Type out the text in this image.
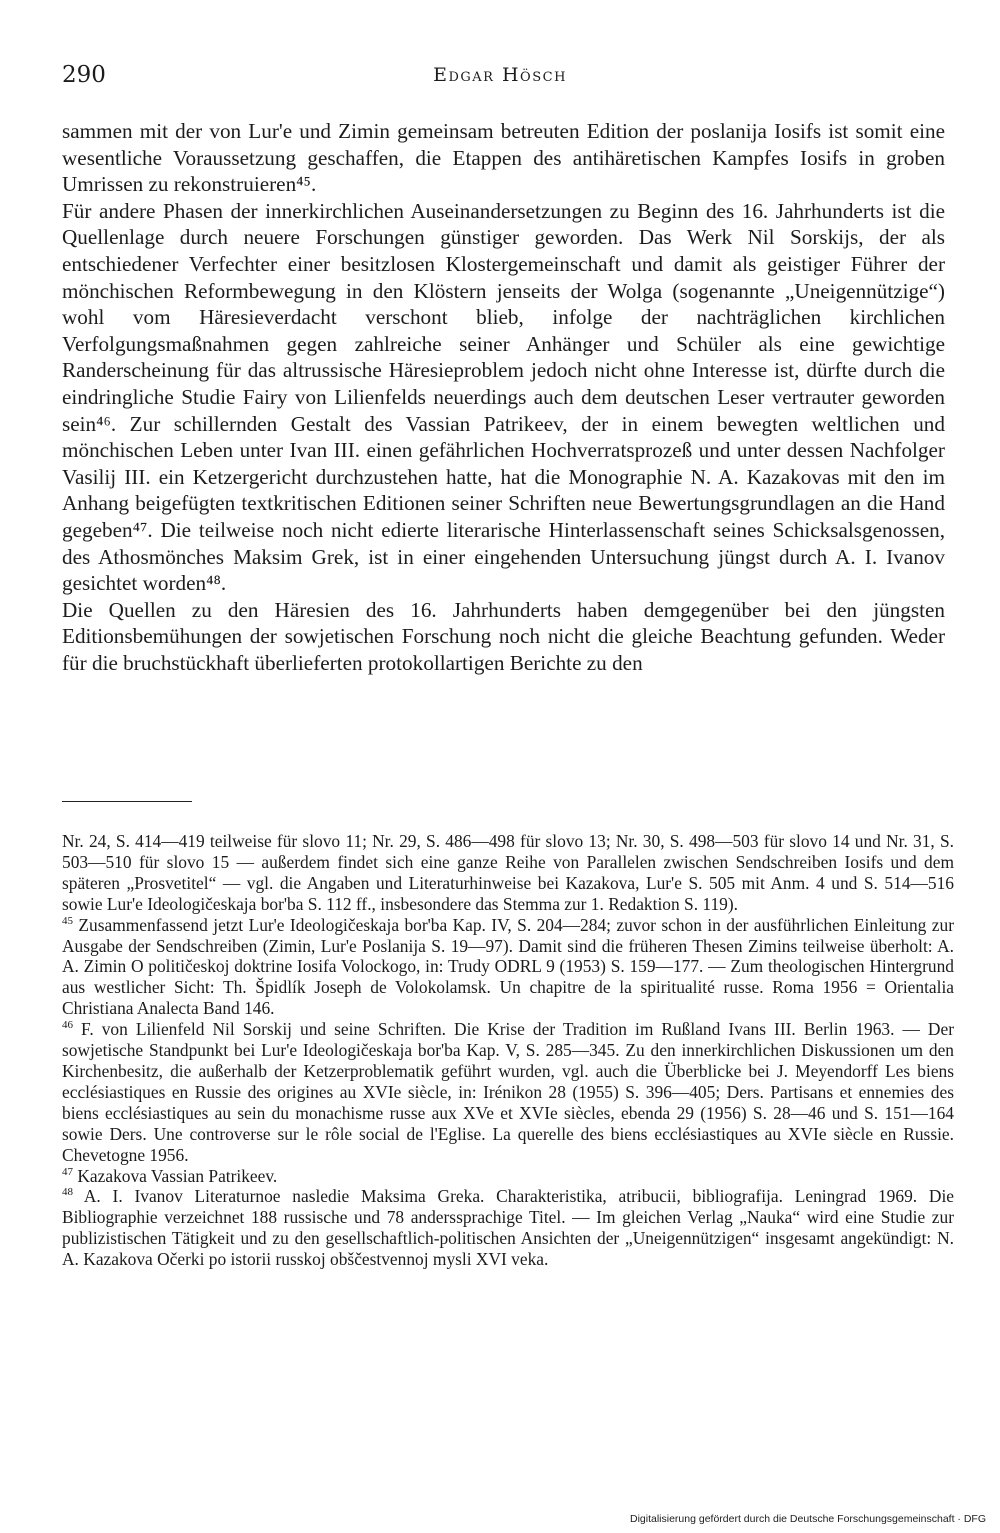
290	Edgar Hösch

sammen mit der von Lur'e und Zimin gemeinsam betreuten Edition der poslanija Iosifs ist somit eine wesentliche Voraussetzung geschaffen, die Etappen des antihäretischen Kampfes Iosifs in groben Umrissen zu rekonstruieren⁴⁵.

Für andere Phasen der innerkirchlichen Auseinandersetzungen zu Beginn des 16. Jahrhunderts ist die Quellenlage durch neuere Forschungen günstiger geworden. Das Werk Nil Sorskijs, der als entschiedener Verfechter einer besitzlosen Klostergemeinschaft und damit als geistiger Führer der mönchischen Reformbewegung in den Klöstern jenseits der Wolga (sogenannte „Uneigennützige“) wohl vom Häresieverdacht verschont blieb, infolge der nachträglichen kirchlichen Verfolgungsmaßnahmen gegen zahlreiche seiner Anhänger und Schüler als eine gewichtige Randerscheinung für das altrussische Häresieproblem jedoch nicht ohne Interesse ist, dürfte durch die eindringliche Studie Fairy von Lilienfelds neuerdings auch dem deutschen Leser vertrauter geworden sein⁴⁶. Zur schillernden Gestalt des Vassian Patrikeev, der in einem bewegten weltlichen und mönchischen Leben unter Ivan III. einen gefährlichen Hochverratsprozeß und unter dessen Nachfolger Vasilij III. ein Ketzergericht durchzustehen hatte, hat die Monographie N. A. Kazakovas mit den im Anhang beigefügten textkritischen Editionen seiner Schriften neue Bewertungsgrundlagen an die Hand gegeben⁴⁷. Die teilweise noch nicht edierte literarische Hinterlassenschaft seines Schicksalsgenossen, des Athosmönches Maksim Grek, ist in einer eingehenden Untersuchung jüngst durch A. I. Ivanov gesichtet worden⁴⁸.

Die Quellen zu den Häresien des 16. Jahrhunderts haben demgegenüber bei den jüngsten Editionsbemühungen der sowjetischen Forschung noch nicht die gleiche Beachtung gefunden. Weder für die bruchstückhaft überlieferten protokollartigen Berichte zu den

Nr. 24, S. 414—419 teilweise für slovo 11; Nr. 29, S. 486—498 für slovo 13; Nr. 30, S. 498—503 für slovo 14 und Nr. 31, S. 503—510 für slovo 15 — außerdem findet sich eine ganze Reihe von Parallelen zwischen Sendschreiben Iosifs und dem späteren „Prosvetitel“ — vgl. die Angaben und Literaturhinweise bei Kazakova, Lur'e S. 505 mit Anm. 4 und S. 514—516 sowie Lur'e Ideologičeskaja bor'ba S. 112 ff., insbesondere das Stemma zur 1. Redaktion S. 119).

$^{45}$ Zusammenfassend jetzt Lur'e Ideologičeskaja bor'ba Kap. IV, S. 204—284; zuvor schon in der ausführlichen Einleitung zur Ausgabe der Sendschreiben (Zimin, Lur'e Poslanija S. 19—97). Damit sind die früheren Thesen Zimins teilweise überholt: A. A. Zimin O političeskoj doktrine Iosifa Volockogo, in: Trudy ODRL 9 (1953) S. 159—177. — Zum theologischen Hintergrund aus westlicher Sicht: Th. Špidlík Joseph de Volokolamsk. Un chapitre de la spiritualité russe. Roma 1956 = Orientalia Christiana Analecta Band 146.

$^{46}$ F. von Lilienfeld Nil Sorskij und seine Schriften. Die Krise der Tradition im Rußland Ivans III. Berlin 1963. — Der sowjetische Standpunkt bei Lur'e Ideologičeskaja bor'ba Kap. V, S. 285—345. Zu den innerkirchlichen Diskussionen um den Kirchenbesitz, die außerhalb der Ketzerproblematik geführt wurden, vgl. auch die Überblicke bei J. Meyendorff Les biens ecclésiastiques en Russie des origines au XVIe siècle, in: Irénikon 28 (1955) S. 396—405; Ders. Partisans et ennemies des biens ecclésiastiques au sein du monachisme russe aux XVe et XVIe siècles, ebenda 29 (1956) S. 28—46 und S. 151—164 sowie Ders. Une controverse sur le rôle social de l'Eglise. La querelle des biens ecclésiastiques au XVIe siècle en Russie. Chevetogne 1956.

$^{47}$ Kazakova Vassian Patrikeev.

$^{48}$ A. I. Ivanov Literaturnoe nasledie Maksima Greka. Charakteristika, atribucii, bibliografija. Leningrad 1969. Die Bibliographie verzeichnet 188 russische und 78 anderssprachige Titel. — Im gleichen Verlag „Nauka“ wird eine Studie zur publizistischen Tätigkeit und zu den gesellschaftlich-politischen Ansichten der „Uneigennützigen“ insgesamt angekündigt: N. A. Kazakova Očerki po istorii russkoj obščestvennoj mysli XVI veka.

Digitalisierung gefördert durch die Deutsche Forschungsgemeinschaft · DFG
